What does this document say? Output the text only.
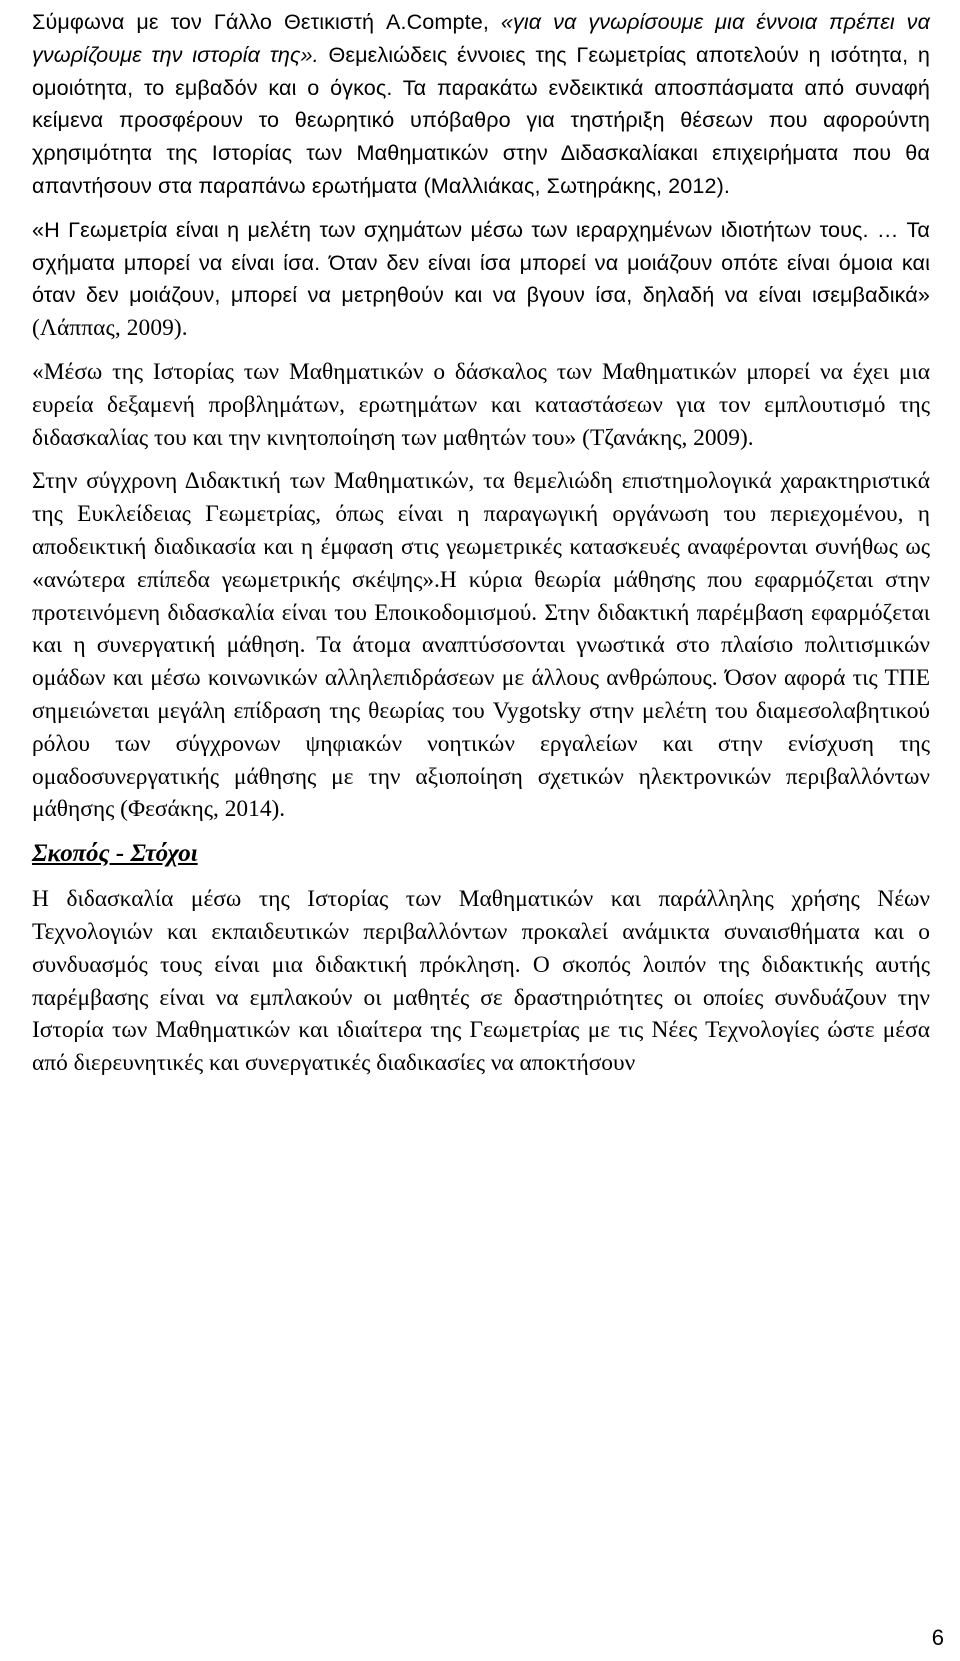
Σύμφωνα με τον Γάλλο Θετικιστή A.Compte, «για να γνωρίσουμε μια έννοια πρέπει να γνωρίζουμε την ιστορία της». Θεμελιώδεις έννοιες της Γεωμετρίας αποτελούν η ισότητα, η ομοιότητα, το εμβαδόν και ο όγκος. Τα παρακάτω ενδεικτικά αποσπάσματα από συναφή κείμενα προσφέρουν το θεωρητικό υπόβαθρο για τηστήριξη θέσεων που αφορούντη χρησιμότητα της Ιστορίας των Μαθηματικών στην Διδασκαλίακαι επιχειρήματα που θα απαντήσουν στα παραπάνω ερωτήματα (Μαλλιάκας, Σωτηράκης, 2012).

«Η Γεωμετρία είναι η μελέτη των σχημάτων μέσω των ιεραρχημένων ιδιοτήτων τους. … Τα σχήματα μπορεί να είναι ίσα. Όταν δεν είναι ίσα μπορεί να μοιάζουν οπότε είναι όμοια και όταν δεν μοιάζουν, μπορεί να μετρηθούν και να βγουν ίσα, δηλαδή να είναι ισεμβαδικά» (Λάππας, 2009).

«Μέσω της Ιστορίας των Μαθηματικών ο δάσκαλος των Μαθηματικών μπορεί να έχει μια ευρεία δεξαμενή προβλημάτων, ερωτημάτων και καταστάσεων για τον εμπλουτισμό της διδασκαλίας του και την κινητοποίηση των μαθητών του» (Τζανάκης, 2009).

Στην σύγχρονη Διδακτική των Μαθηματικών, τα θεμελιώδη επιστημολογικά χαρακτηριστικά της Ευκλείδειας Γεωμετρίας, όπως είναι η παραγωγική οργάνωση του περιεχομένου, η αποδεικτική διαδικασία και η έμφαση στις γεωμετρικές κατασκευές αναφέρονται συνήθως ως «ανώτερα επίπεδα γεωμετρικής σκέψης».Η κύρια θεωρία μάθησης που εφαρμόζεται στην προτεινόμενη διδασκαλία είναι του Εποικοδομισμού. Στην διδακτική παρέμβαση εφαρμόζεται και η συνεργατική μάθηση. Τα άτομα αναπτύσσονται γνωστικά στο πλαίσιο πολιτισμικών ομάδων και μέσω κοινωνικών αλληλεπιδράσεων με άλλους ανθρώπους. Όσον αφορά τις ΤΠΕ σημειώνεται μεγάλη επίδραση της θεωρίας του Vygotsky στην μελέτη του διαμεσολαβητικού ρόλου των σύγχρονων ψηφιακών νοητικών εργαλείων και στην ενίσχυση της ομαδοσυνεργατικής μάθησης με την αξιοποίηση σχετικών ηλεκτρονικών περιβαλλόντων μάθησης (Φεσάκης, 2014).

Σκοπός - Στόχοι

Η διδασκαλία μέσω της Ιστορίας των Μαθηματικών και παράλληλης χρήσης Νέων Τεχνολογιών και εκπαιδευτικών περιβαλλόντων προκαλεί ανάμικτα συναισθήματα και ο συνδυασμός τους είναι μια διδακτική πρόκληση. Ο σκοπός λοιπόν της διδακτικής αυτής παρέμβασης είναι να εμπλακούν οι μαθητές σε δραστηριότητες οι οποίες συνδυάζουν την Ιστορία των Μαθηματικών και ιδιαίτερα της Γεωμετρίας με τις Νέες Τεχνολογίες ώστε μέσα από διερευνητικές και συνεργατικές διαδικασίες να αποκτήσουν

6
